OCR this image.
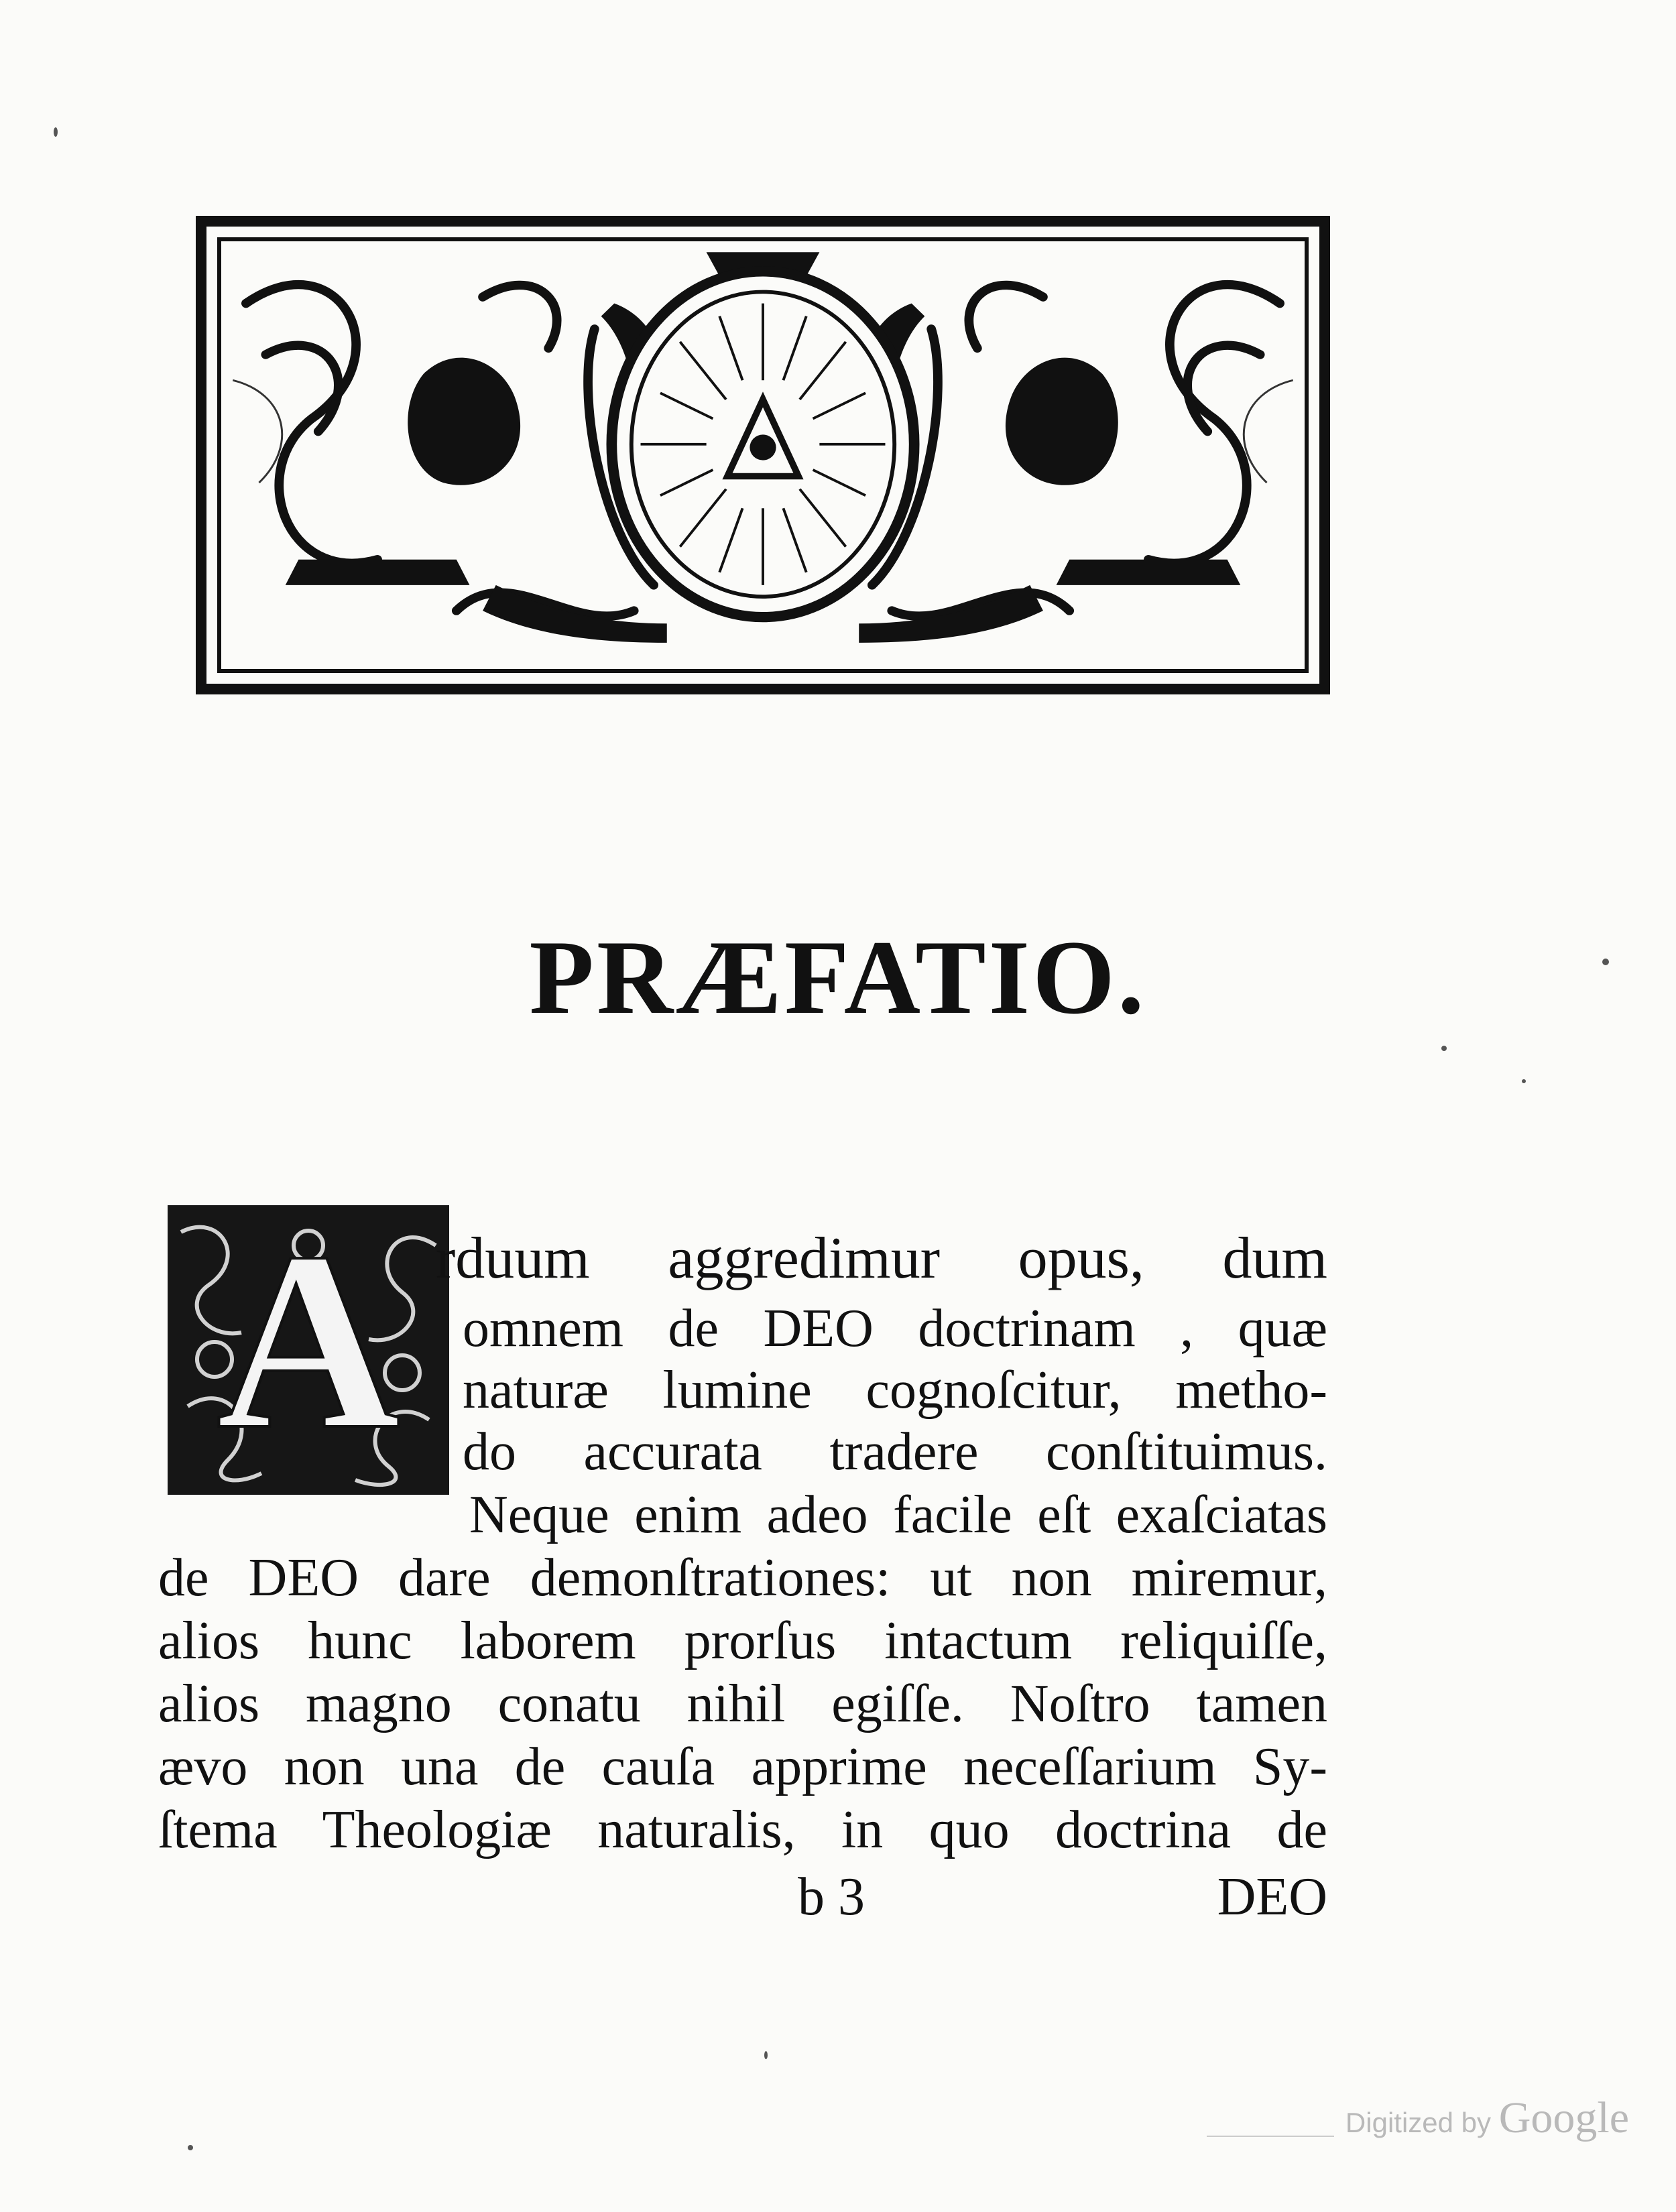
PRÆFATIO.
A rduum aggredimur opus, dum
omnem de DEO doctrinam , quæ
naturæ lumine cognoſcitur, metho-
do accurata tradere conſtituimus.
Neque enim adeo facile eſt exaſciatas
de DEO dare demonſtrationes: ut non miremur,
alios hunc laborem prorſus intactum reliquiſſe,
alios magno conatu nihil egiſſe. Noſtro tamen
ævo non una de cauſa apprime neceſſarium Sy-
ſtema Theologiæ naturalis, in quo doctrina de
b 3	DEO
Digitized by Google
